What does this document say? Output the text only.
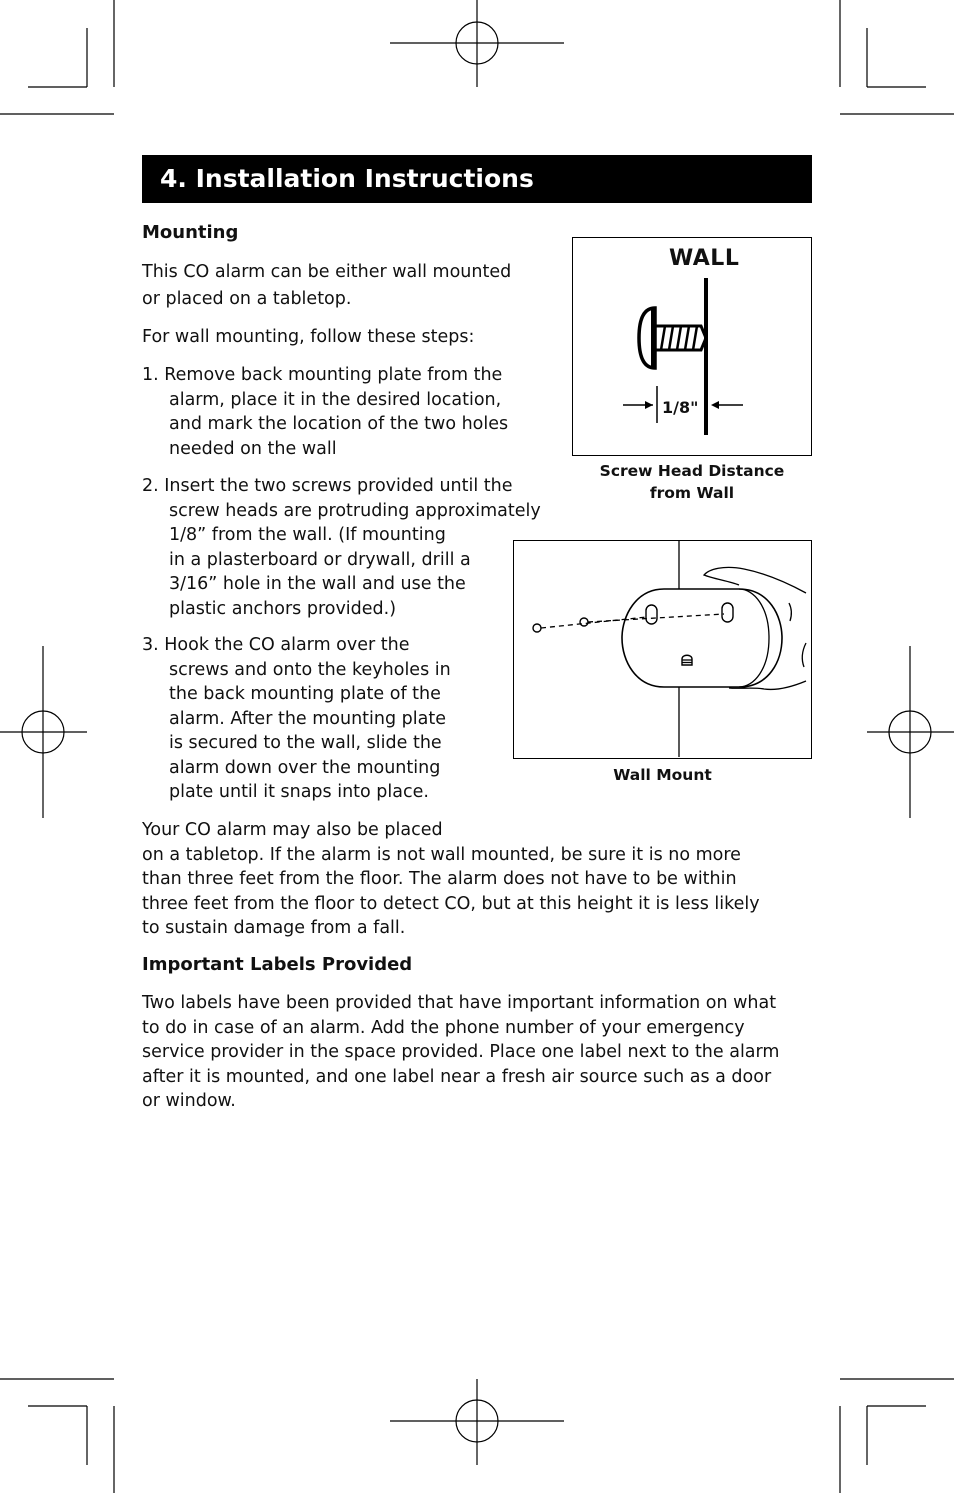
4. Installation Instructions
Mounting
This CO alarm can be either wall mounted
or placed on a tabletop.
For wall mounting, follow these steps:
1. Remove back mounting plate from the
alarm, place it in the desired location,
and mark the location of the two holes
needed on the wall
2. Insert the two screws provided until the
screw heads are protruding approximately
1/8” from the wall. (If mounting
in a plasterboard or drywall, drill a
3/16” hole in the wall and use the
plastic anchors provided.)
3. Hook the CO alarm over the
screws and onto the keyholes in
the back mounting plate of the
alarm. After the mounting plate
is secured to the wall, slide the
alarm down over the mounting
plate until it snaps into place.
Your CO alarm may also be placed
on a tabletop. If the alarm is not wall mounted, be sure it is no more
than three feet from the floor. The alarm does not have to be within
three feet from the floor to detect CO, but at this height it is less likely
to sustain damage from a fall.
WALL
1/8"
Screw Head Distance
from Wall
Wall Mount
Important Labels Provided
Two labels have been provided that have important information on what
to do in case of an alarm. Add the phone number of your emergency
service provider in the space provided. Place one label next to the alarm
after it is mounted, and one label near a fresh air source such as a door
or window.
